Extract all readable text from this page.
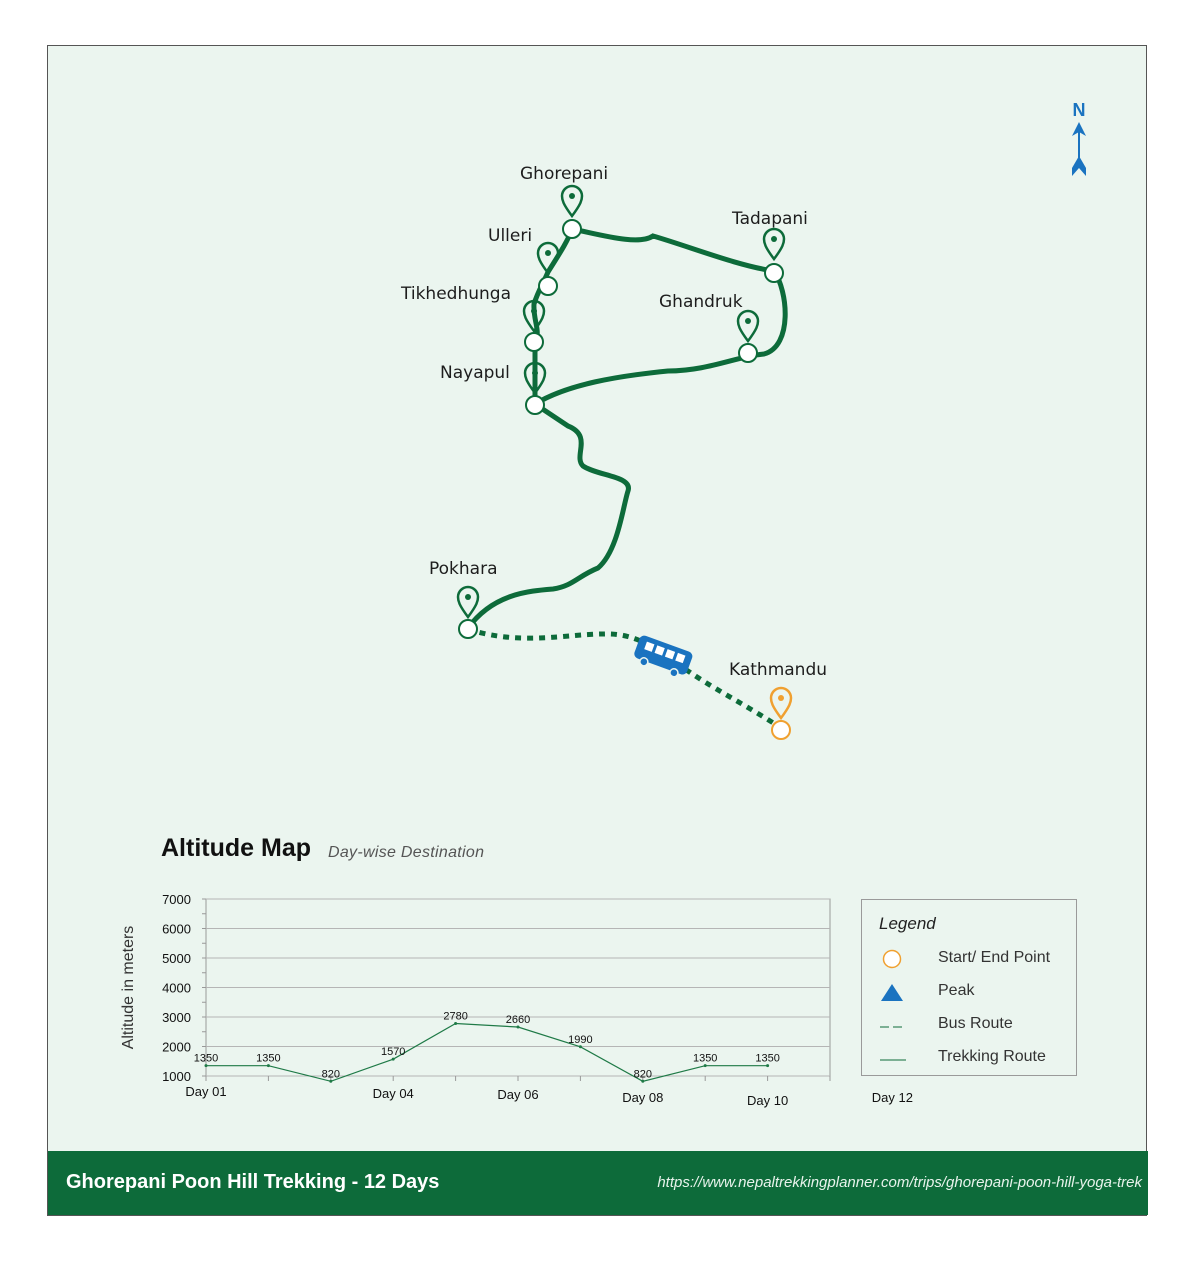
N
Ghorepani
Tadapani
Ulleri
Tikhedhunga	Ghandruk
Nayapul
Pokhara
Kathmandu
Altitude Map Day-wise Destination
1000
2000
3000
4000
5000
6000
7000
Altitude in meters
Day 01	Day 04	Day 06	Day 08	Day 10	Day 12
1350	1350
820
1570
2780	2660
1990
820
1350	1350
Legend
Start/ End Point
Peak
Bus Route
Trekking Route
Ghorepani Poon Hill Trekking - 12 Days	https://www.nepaltrekkingplanner.com/trips/ghorepani-poon-hill-yoga-trek
